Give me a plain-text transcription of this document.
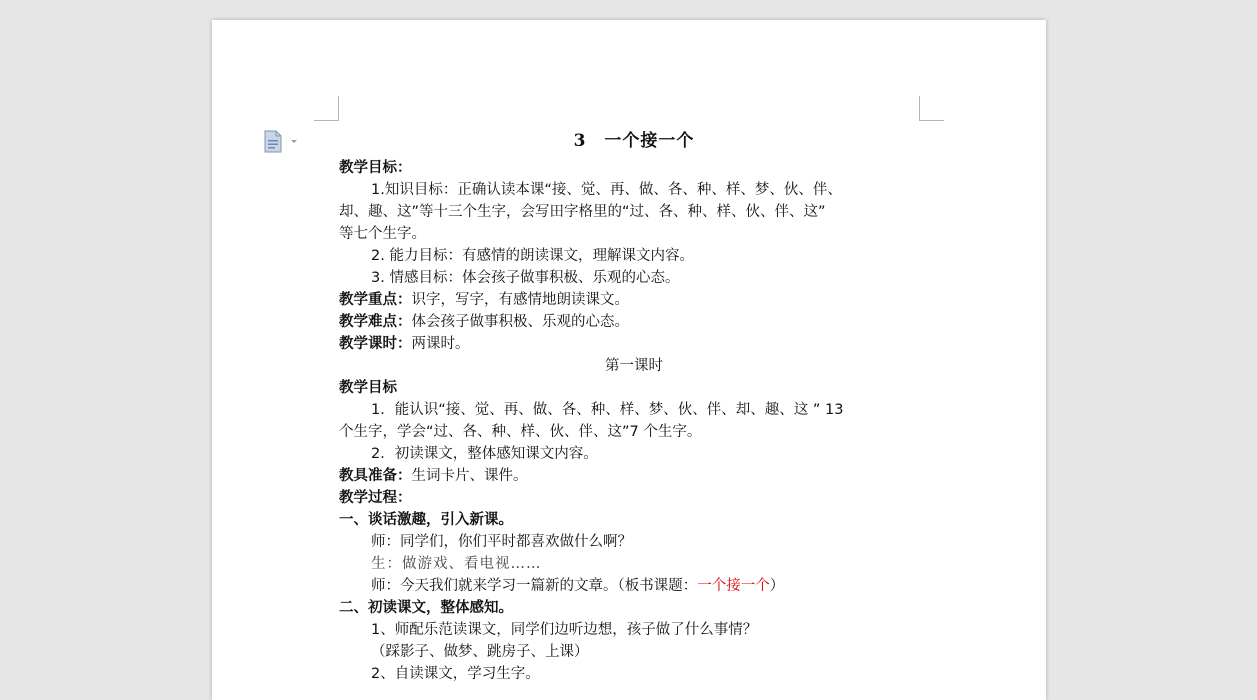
3　一个接一个
教学目标：
1.知识目标：正确认读本课“接、觉、再、做、各、种、样、梦、伙、伴、
却、趣、这”等十三个生字，会写田字格里的“过、各、种、样、伙、伴、这”
等七个生字。
2. 能力目标：有感情的朗读课文，理解课文内容。
3. 情感目标：体会孩子做事积极、乐观的心态。
教学重点：识字，写字，有感情地朗读课文。
教学难点：体会孩子做事积极、乐观的心态。
教学课时：两课时。
第一课时
教学目标
1．能认识“接、觉、再、做、各、种、样、梦、伙、伴、却、趣、这 ” 13
个生字，学会“过、各、种、样、伙、伴、这”7 个生字。
2．初读课文，整体感知课文内容。
教具准备：生词卡片、课件。
教学过程：
一、谈话激趣，引入新课。
师：同学们，你们平时都喜欢做什么啊？
生：做游戏、看电视……
师：今天我们就来学习一篇新的文章。（板书课题：一个接一个）
二、初读课文，整体感知。
1、师配乐范读课文，同学们边听边想，孩子做了什么事情？
（踩影子、做梦、跳房子、上课）
2、自读课文，学习生字。
